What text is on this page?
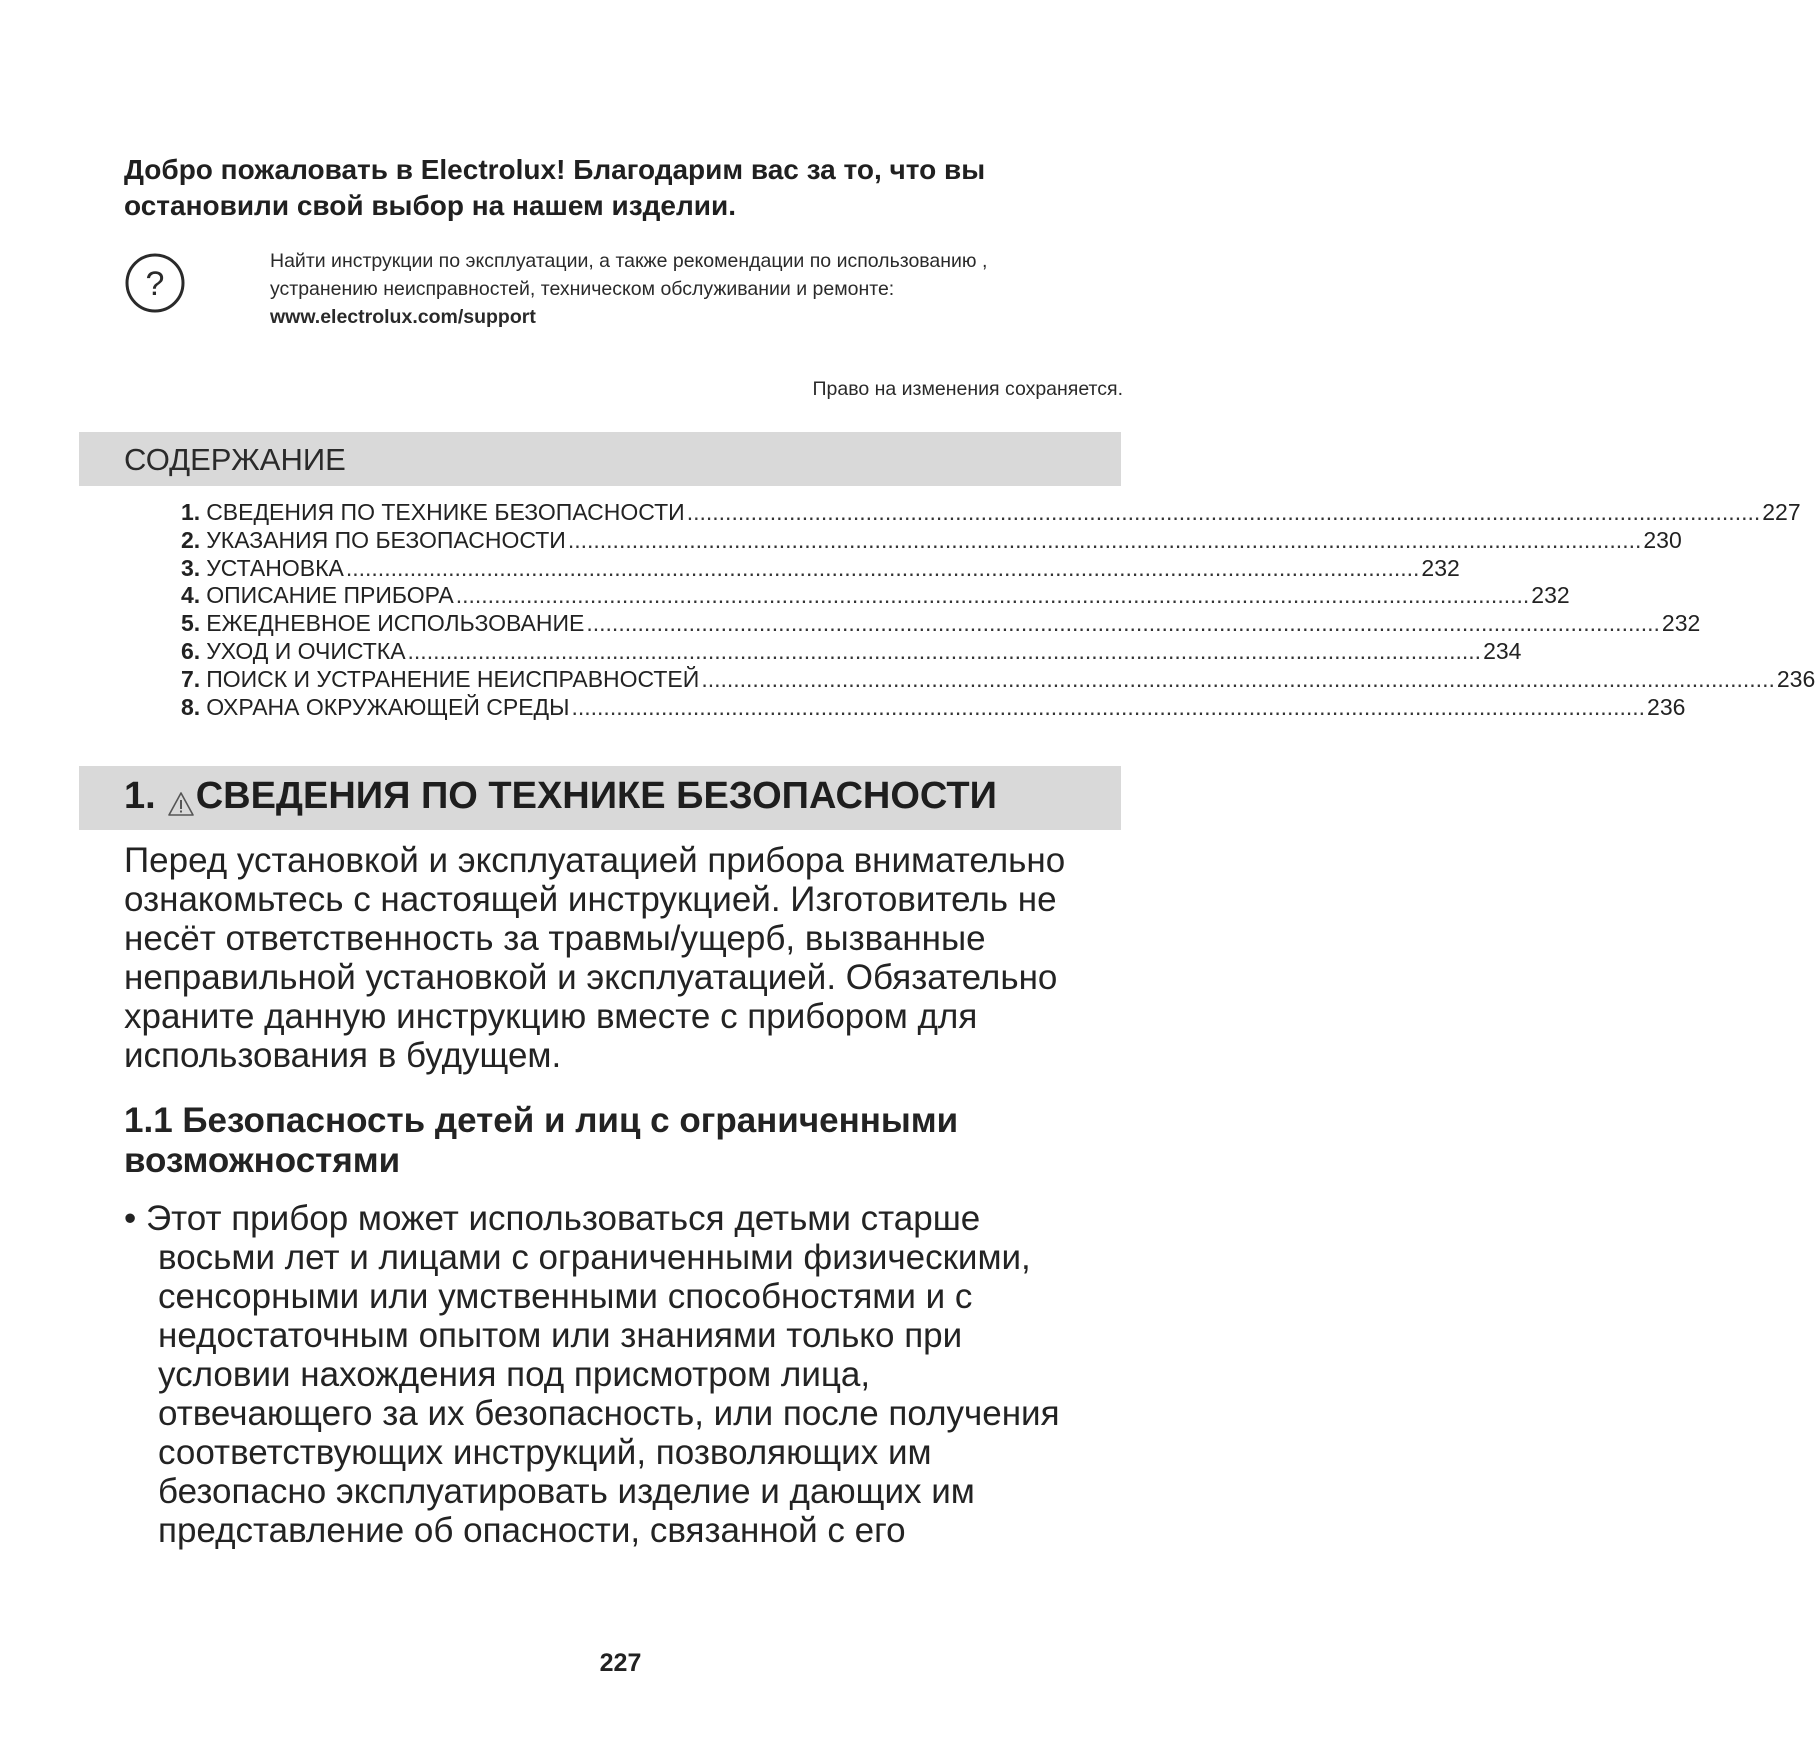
Добро пожаловать в Electrolux! Благодарим вас за то, что вы
остановили свой выбор на нашем изделии.
?
Найти инструкции по эксплуатации, а также рекомендации по использованию ,
устранению неисправностей, техническом обслуживании и ремонте:
www.electrolux.com/support
Право на изменения сохраняется.
СОДЕРЖАНИЕ
1. СВЕДЕНИЯ ПО ТЕХНИКЕ БЕЗОПАСНОСТИ ........................................................................................................................................................................ 227
2. УКАЗАНИЯ ПО БЕЗОПАСНОСТИ ........................................................................................................................................................................ 230
3. УСТАНОВКА ........................................................................................................................................................................ 232
4. ОПИСАНИЕ ПРИБОРА ........................................................................................................................................................................ 232
5. ЕЖЕДНЕВНОЕ ИСПОЛЬЗОВАНИЕ ........................................................................................................................................................................ 232
6. УХОД И ОЧИСТКА ........................................................................................................................................................................ 234
7. ПОИСК И УСТРАНЕНИЕ НЕИСПРАВНОСТЕЙ ........................................................................................................................................................................ 236
8. ОХРАНА ОКРУЖАЮЩЕЙ СРЕДЫ ........................................................................................................................................................................ 236
1. СВЕДЕНИЯ ПО ТЕХНИКЕ БЕЗОПАСНОСТИ
Перед установкой и эксплуатацией прибора внимательно
ознакомьтесь с настоящей инструкцией. Изготовитель не
несёт ответственность за травмы/ущерб, вызванные
неправильной установкой и эксплуатацией. Обязательно
храните данную инструкцию вместе с прибором для
использования в будущем.
1.1 Безопасность детей и лиц с ограниченными
возможностями
• Этот прибор может использоваться детьми старше
восьми лет и лицами с ограниченными физическими,
сенсорными или умственными способностями и с
недостаточным опытом или знаниями только при
условии нахождения под присмотром лица,
отвечающего за их безопасность, или после получения
соответствующих инструкций, позволяющих им
безопасно эксплуатировать изделие и дающих им
представление об опасности, связанной с его
227
